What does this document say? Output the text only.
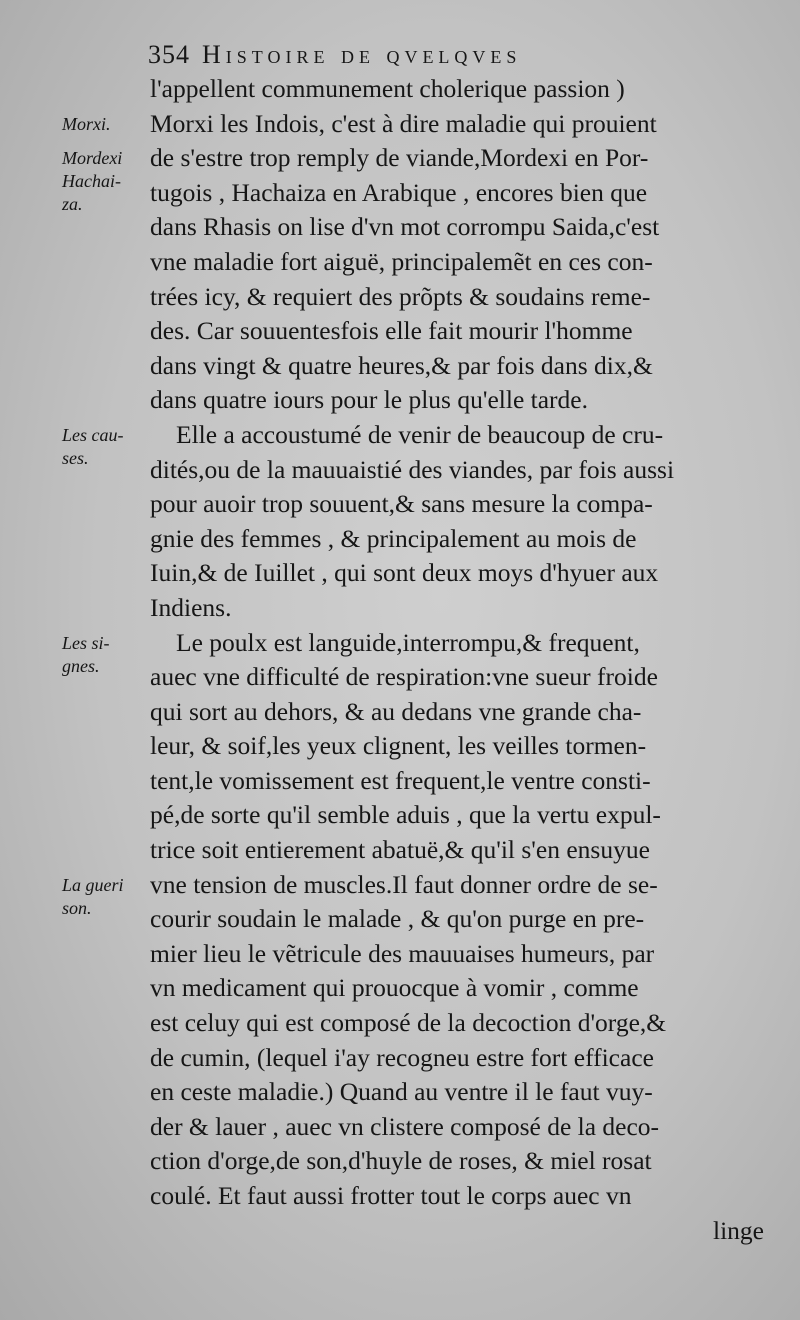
354 Histoire de qvelqves
Morxi.
Mordexi
Hachai-
za.
Les cau-
ses.
Les si-
gnes.
La gueri
son.
l'appellent communement cholerique passion )
Morxi les Indois, c'est à dire maladie qui prouient
de s'estre trop remply de viande,Mordexi en Por-
tugois , Hachaiza en Arabique , encores bien que
dans Rhasis on lise d'vn mot corrompu Saida,c'est
vne maladie fort aiguë, principalemẽt en ces con-
trées icy, & requiert des prõpts & soudains reme-
des. Car souuentesfois elle fait mourir l'homme
dans vingt & quatre heures,& par fois dans dix,&
dans quatre iours pour le plus qu'elle tarde.
Elle a accoustumé de venir de beaucoup de cru-
dités,ou de la mauuaistié des viandes, par fois aussi
pour auoir trop souuent,& sans mesure la compa-
gnie des femmes , & principalement au mois de
Iuin,& de Iuillet , qui sont deux moys d'hyuer aux
Indiens.
Le poulx est languide,interrompu,& frequent,
auec vne difficulté de respiration:vne sueur froide
qui sort au dehors, & au dedans vne grande cha-
leur, & soif,les yeux clignent, les veilles tormen-
tent,le vomissement est frequent,le ventre consti-
pé,de sorte qu'il semble aduis , que la vertu expul-
trice soit entierement abatuë,& qu'il s'en ensuyue
vne tension de muscles.Il faut donner ordre de se-
courir soudain le malade , & qu'on purge en pre-
mier lieu le vẽtricule des mauuaises humeurs, par
vn medicament qui prouocque à vomir , comme
est celuy qui est composé de la decoction d'orge,&
de cumin, (lequel i'ay recogneu estre fort efficace
en ceste maladie.) Quand au ventre il le faut vuy-
der & lauer , auec vn clistere composé de la deco-
ction d'orge,de son,d'huyle de roses, & miel rosat
coulé. Et faut aussi frotter tout le corps auec vn
linge
